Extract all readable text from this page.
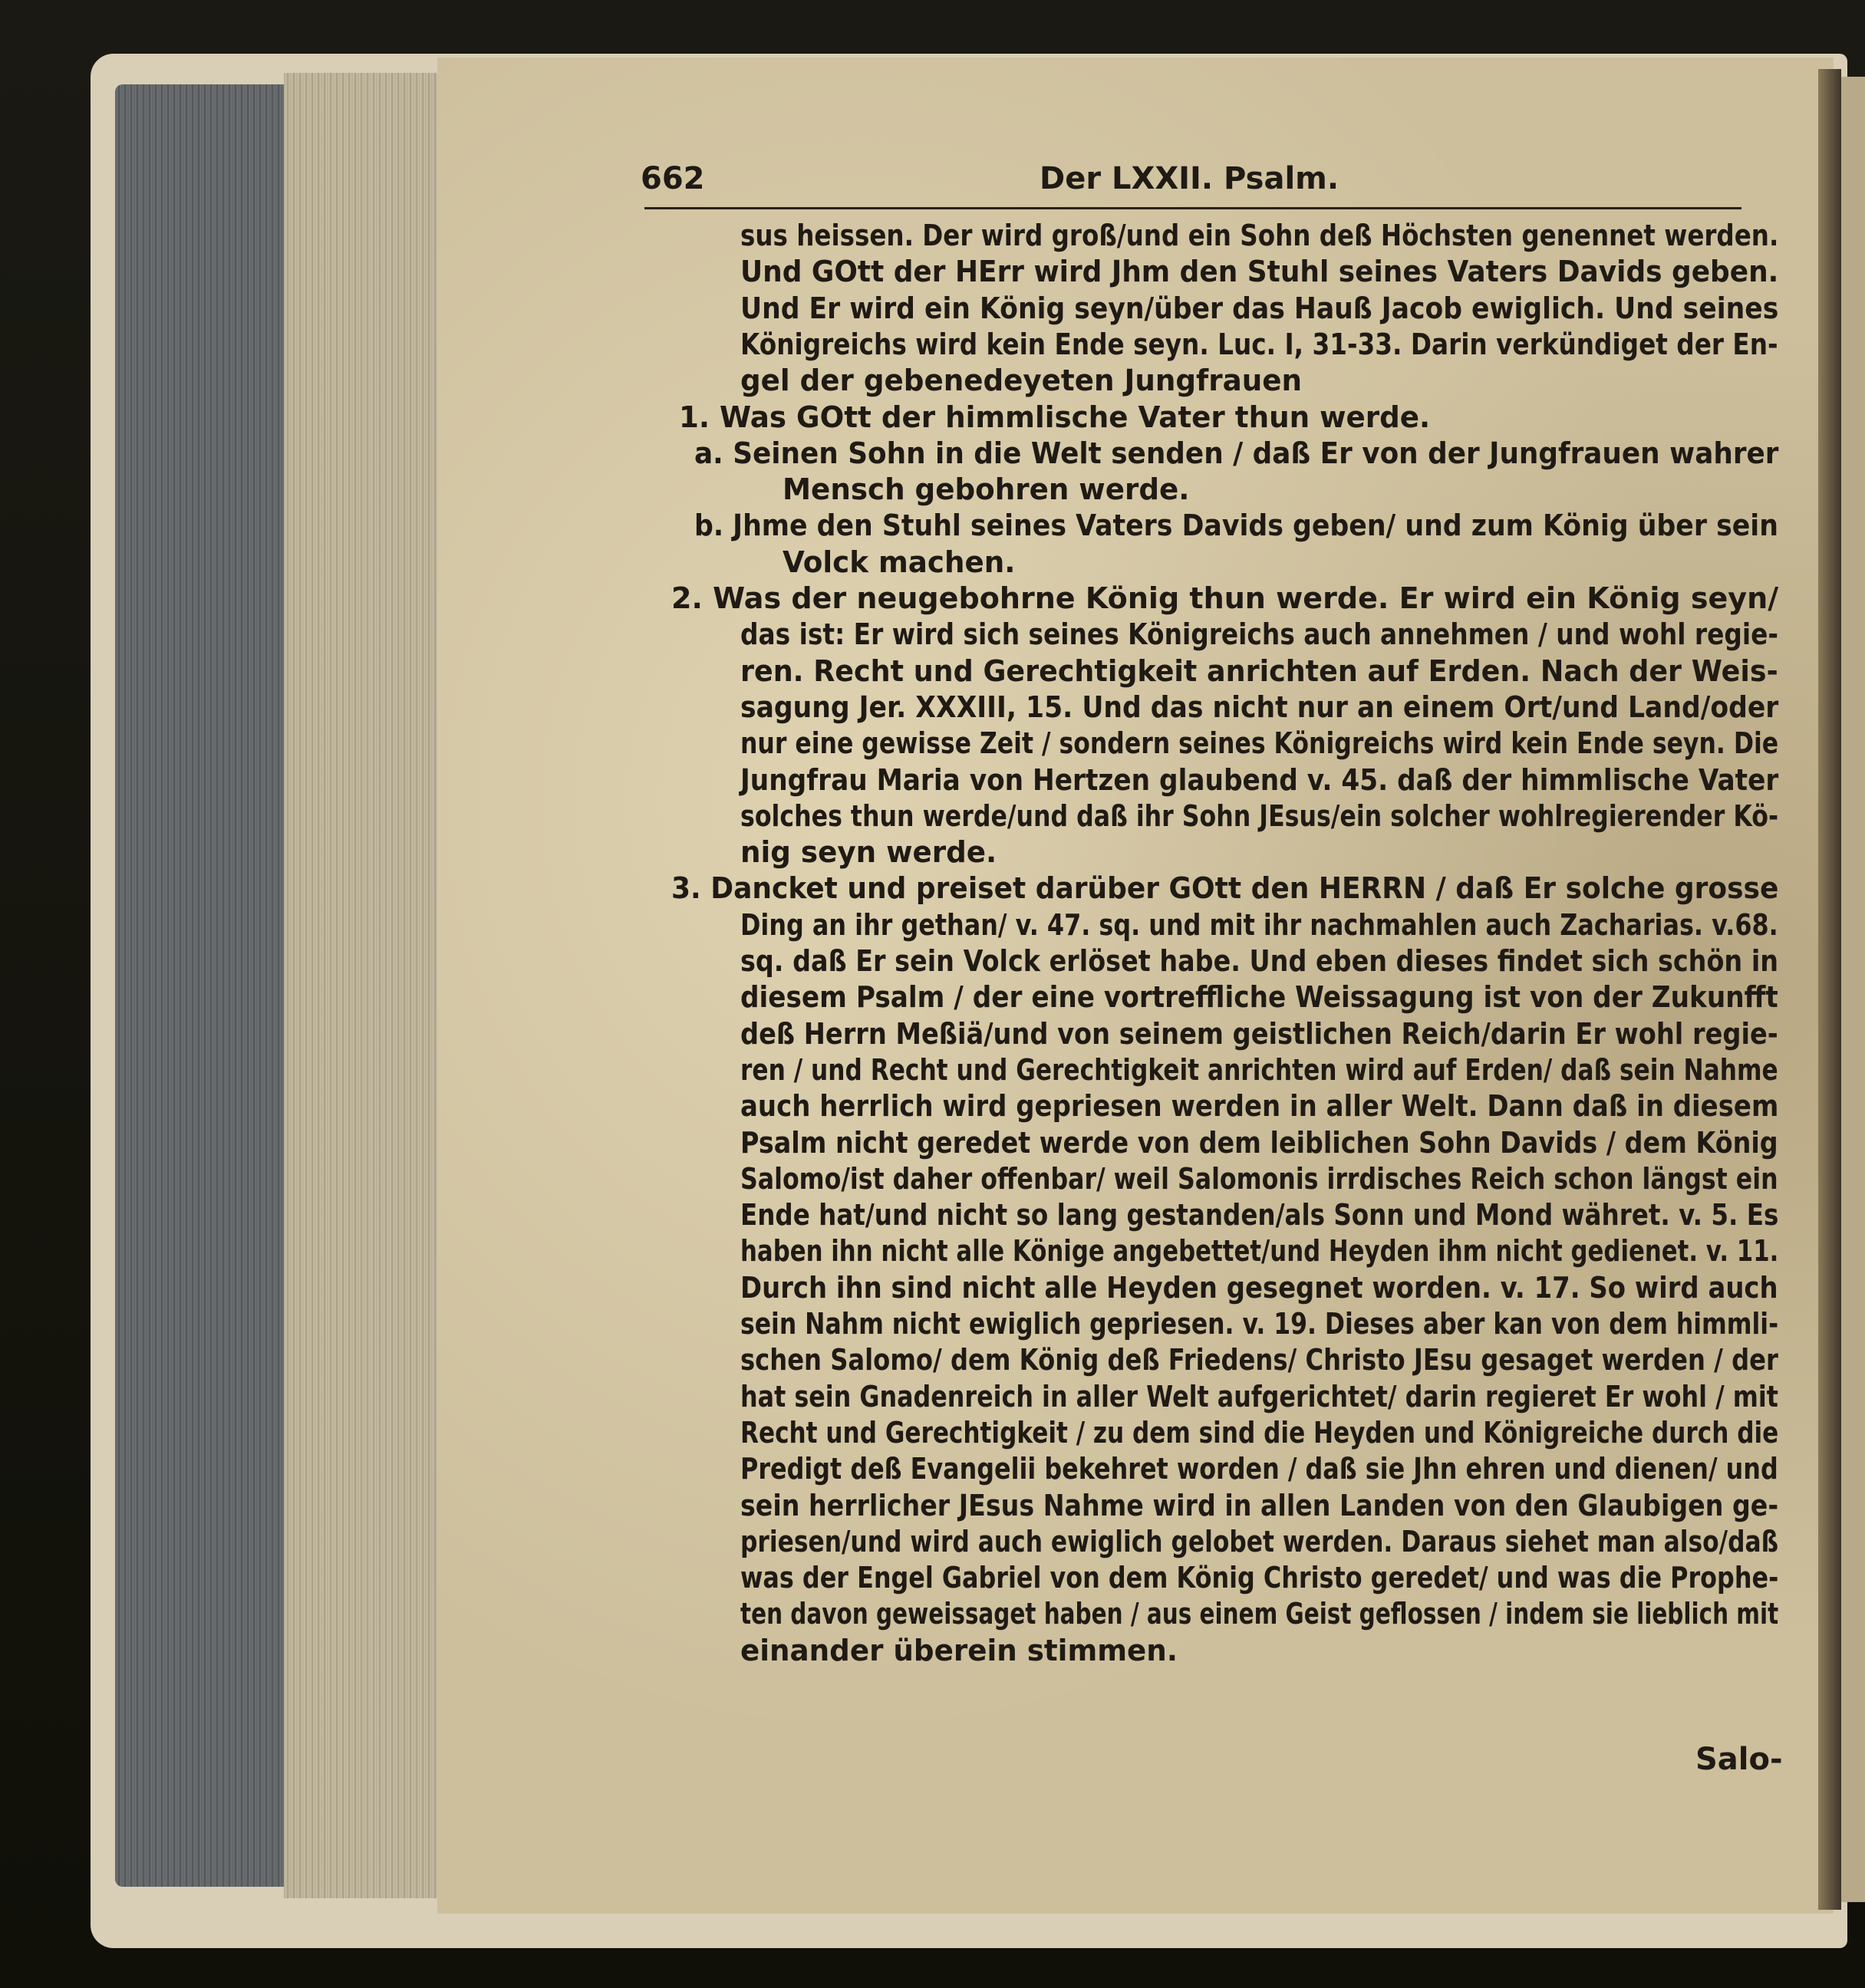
662	Der LXXII. Psalm.
sus heissen. Der wird groß/und ein Sohn deß Höchsten genennet werden.
Und GOtt der HErr wird Jhm den Stuhl seines Vaters Davids geben.
Und Er wird ein König seyn/über das Hauß Jacob ewiglich. Und seines
Königreichs wird kein Ende seyn. Luc. I, 31-33. Darin verkündiget der En-
gel der gebenedeyeten Jungfrauen
1. Was GOtt der himmlische Vater thun werde.
a. Seinen Sohn in die Welt senden / daß Er von der Jungfrauen wahrer
Mensch gebohren werde.
b. Jhme den Stuhl seines Vaters Davids geben/ und zum König über sein
Volck machen.
2. Was der neugebohrne König thun werde. Er wird ein König seyn/
das ist: Er wird sich seines Königreichs auch annehmen / und wohl regie-
ren. Recht und Gerechtigkeit anrichten auf Erden. Nach der Weis-
sagung Jer. XXXIII, 15. Und das nicht nur an einem Ort/und Land/oder
nur eine gewisse Zeit / sondern seines Königreichs wird kein Ende seyn. Die
Jungfrau Maria von Hertzen glaubend v. 45. daß der himmlische Vater
solches thun werde/und daß ihr Sohn JEsus/ein solcher wohlregierender Kö-
nig seyn werde.
3. Dancket und preiset darüber GOtt den HERRN / daß Er solche grosse
Ding an ihr gethan/ v. 47. sq. und mit ihr nachmahlen auch Zacharias. v.68.
sq. daß Er sein Volck erlöset habe. Und eben dieses findet sich schön in
diesem Psalm / der eine vortreffliche Weissagung ist von der Zukunfft
deß Herrn Meßiä/und von seinem geistlichen Reich/darin Er wohl regie-
ren / und Recht und Gerechtigkeit anrichten wird auf Erden/ daß sein Nahme
auch herrlich wird gepriesen werden in aller Welt. Dann daß in diesem
Psalm nicht geredet werde von dem leiblichen Sohn Davids / dem König
Salomo/ist daher offenbar/ weil Salomonis irrdisches Reich schon längst ein
Ende hat/und nicht so lang gestanden/als Sonn und Mond währet. v. 5. Es
haben ihn nicht alle Könige angebettet/und Heyden ihm nicht gedienet. v. 11.
Durch ihn sind nicht alle Heyden gesegnet worden. v. 17. So wird auch
sein Nahm nicht ewiglich gepriesen. v. 19. Dieses aber kan von dem himmli-
schen Salomo/ dem König deß Friedens/ Christo JEsu gesaget werden / der
hat sein Gnadenreich in aller Welt aufgerichtet/ darin regieret Er wohl / mit
Recht und Gerechtigkeit / zu dem sind die Heyden und Königreiche durch die
Predigt deß Evangelii bekehret worden / daß sie Jhn ehren und dienen/ und
sein herrlicher JEsus Nahme wird in allen Landen von den Glaubigen ge-
priesen/und wird auch ewiglich gelobet werden. Daraus siehet man also/daß
was der Engel Gabriel von dem König Christo geredet/ und was die Prophe-
ten davon geweissaget haben / aus einem Geist geflossen / indem sie lieblich mit
einander überein stimmen.
Salo-
